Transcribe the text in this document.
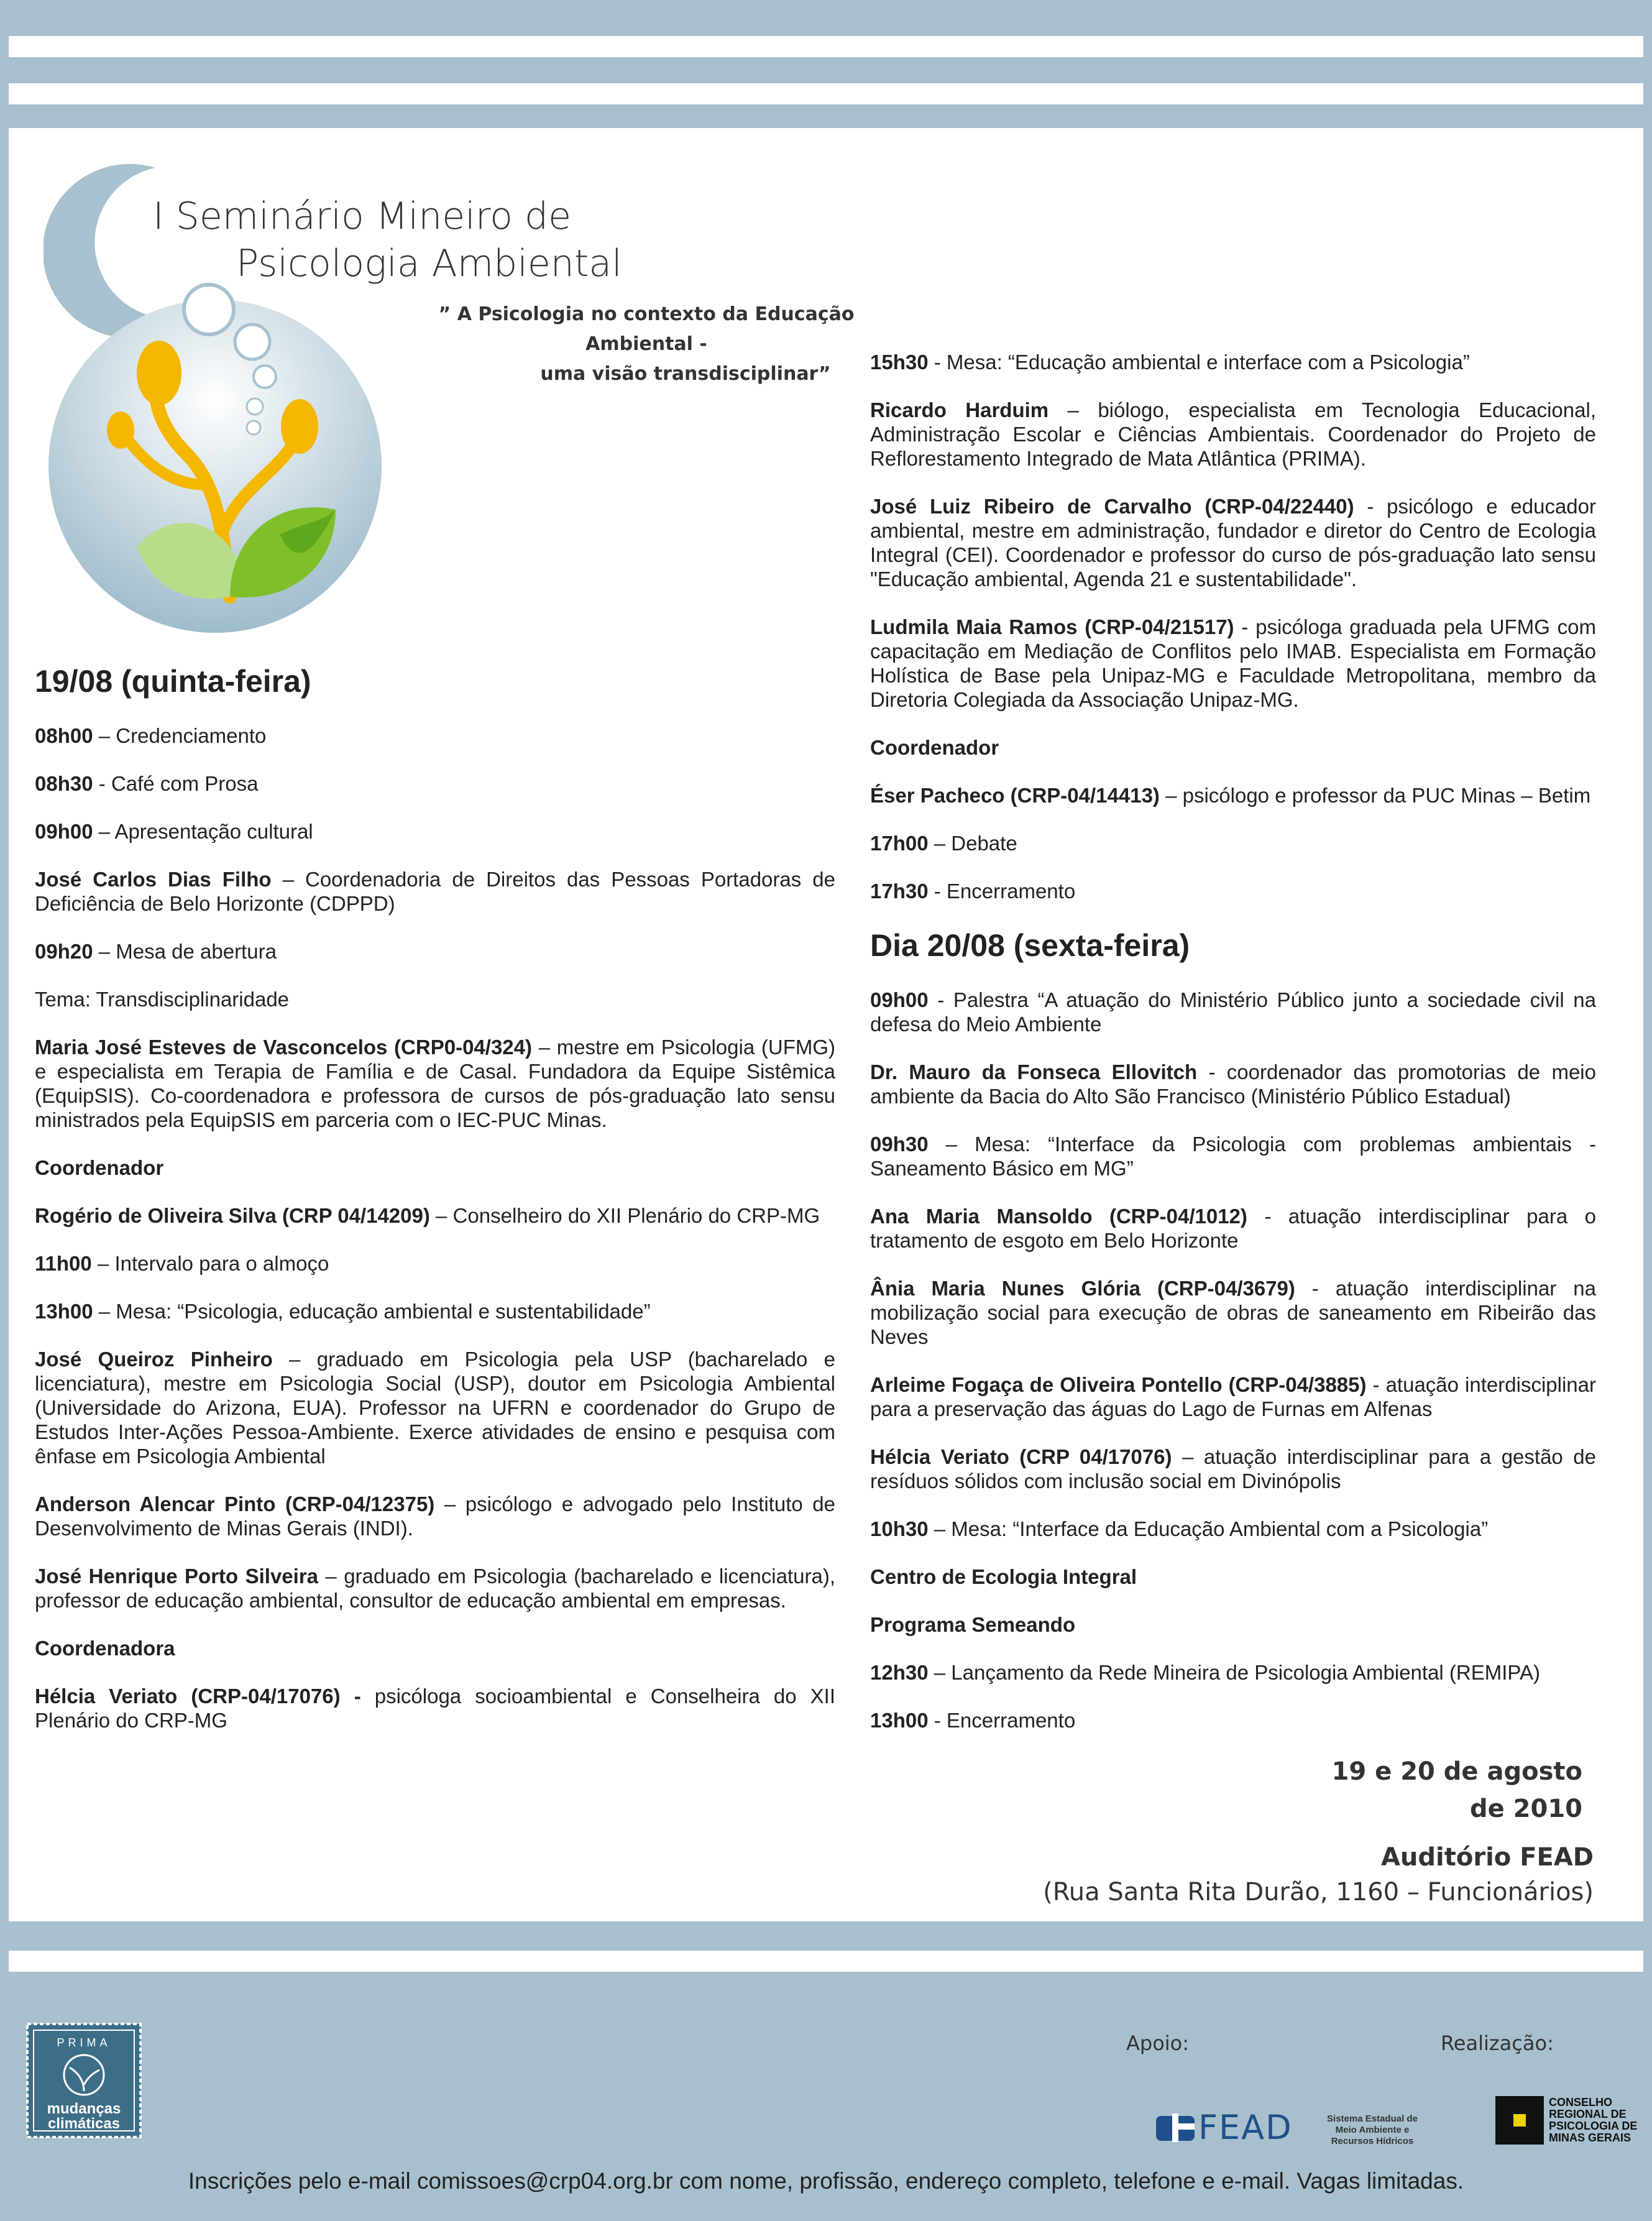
I Seminário Mineiro de
Psicologia Ambiental
” A Psicologia no contexto da Educação Ambiental -
uma visão transdisciplinar”

19/08 (quinta-feira)

08h00 – Credenciamento

08h30 - Café com Prosa

09h00 – Apresentação cultural

José Carlos Dias Filho – Coordenadoria de Direitos das Pessoas Portadoras de Deficiência de Belo Horizonte (CDPPD)

09h20 – Mesa de abertura

Tema: Transdisciplinaridade

Maria José Esteves de Vasconcelos (CRP0-04/324) – mestre em Psicologia (UFMG) e especialista em Terapia de Família e de Casal. Fundadora da Equipe Sistêmica (EquipSIS). Co-coordenadora e professora de cursos de pós-graduação lato sensu ministrados pela EquipSIS em parceria com o IEC-PUC Minas.

Coordenador

Rogério de Oliveira Silva (CRP 04/14209) – Conselheiro do XII Plenário do CRP-MG

11h00 – Intervalo para o almoço

13h00 – Mesa: “Psicologia, educação ambiental e sustentabilidade”

José Queiroz Pinheiro – graduado em Psicologia pela USP (bacharelado e licenciatura), mestre em Psicologia Social (USP), doutor em Psicologia Ambiental (Universidade do Arizona, EUA). Professor na UFRN e coordenador do Grupo de Estudos Inter-Ações Pessoa-Ambiente. Exerce atividades de ensino e pesquisa com ênfase em Psicologia Ambiental

Anderson Alencar Pinto (CRP-04/12375) – psicólogo e advogado pelo Instituto de Desenvolvimento de Minas Gerais (INDI).

José Henrique Porto Silveira – graduado em Psicologia (bacharelado e licenciatura), professor de educação ambiental, consultor de educação ambiental em empresas.

Coordenadora

Hélcia Veriato (CRP-04/17076) - psicóloga socioambiental e Conselheira do XII Plenário do CRP-MG

15h30 - Mesa: “Educação ambiental e interface com a Psicologia”

Ricardo Harduim – biólogo, especialista em Tecnologia Educacional, Administração Escolar e Ciências Ambientais. Coordenador do Projeto de Reflorestamento Integrado de Mata Atlântica (PRIMA).

José Luiz Ribeiro de Carvalho (CRP-04/22440) - psicólogo e educador ambiental, mestre em administração, fundador e diretor do Centro de Ecologia Integral (CEI). Coordenador e professor do curso de pós-graduação lato sensu "Educação ambiental, Agenda 21 e sustentabilidade".

Ludmila Maia Ramos (CRP-04/21517) - psicóloga graduada pela UFMG com capacitação em Mediação de Conflitos pelo IMAB. Especialista em Formação Holística de Base pela Unipaz-MG e Faculdade Metropolitana, membro da Diretoria Colegiada da Associação Unipaz-MG.

Coordenador

Éser Pacheco (CRP-04/14413) – psicólogo e professor da PUC Minas – Betim

17h00 – Debate

17h30 - Encerramento

Dia 20/08 (sexta-feira)

09h00 - Palestra “A atuação do Ministério Público junto a sociedade civil na defesa do Meio Ambiente

Dr. Mauro da Fonseca Ellovitch - coordenador das promotorias de meio ambiente da Bacia do Alto São Francisco (Ministério Público Estadual)

09h30 – Mesa: “Interface da Psicologia com problemas ambientais - Saneamento Básico em MG”

Ana Maria Mansoldo (CRP-04/1012) - atuação interdisciplinar para o tratamento de esgoto em Belo Horizonte

Ânia Maria Nunes Glória (CRP-04/3679) - atuação interdisciplinar na mobilização social para execução de obras de saneamento em Ribeirão das Neves

Arleime Fogaça de Oliveira Pontello (CRP-04/3885) - atuação interdisciplinar para a preservação das águas do Lago de Furnas em Alfenas

Hélcia Veriato (CRP 04/17076) – atuação interdisciplinar para a gestão de resíduos sólidos com inclusão social em Divinópolis

10h30 – Mesa: “Interface da Educação Ambiental com a Psicologia”

Centro de Ecologia Integral

Programa Semeando

12h30 – Lançamento da Rede Mineira de Psicologia Ambiental (REMIPA)

13h00 - Encerramento

19 e 20 de agosto
de 2010
Auditório FEAD
(Rua Santa Rita Durão, 1160 – Funcionários)
PRIMA
mudanças
climáticas
Apoio:	Realização:
FEAD	Sistema Estadual de
Meio Ambiente e
Recursos Hídricos
CONSELHO
REGIONAL DE
PSICOLOGIA DE
MINAS GERAIS
Inscrições pelo e-mail comissoes@crp04.org.br com nome, profissão, endereço completo, telefone e e-mail. Vagas limitadas.
